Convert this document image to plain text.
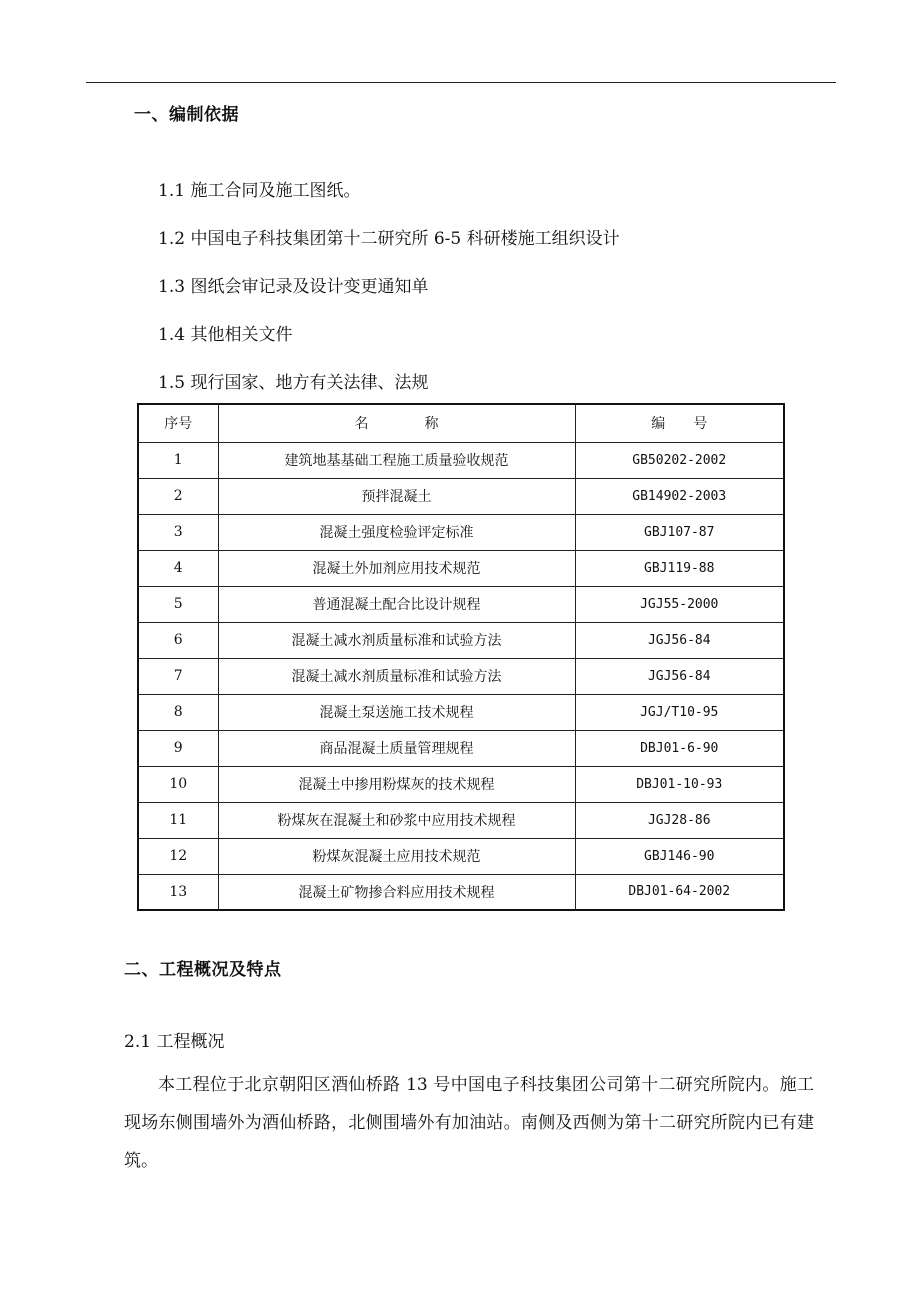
一、编制依据
1.1 施工合同及施工图纸。
1.2 中国电子科技集团第十二研究所 6-5 科研楼施工组织设计
1.3 图纸会审记录及设计变更通知单
1.4 其他相关文件
1.5 现行国家、地方有关法律、法规
序号	名　　　　称	编　　号
1	建筑地基基础工程施工质量验收规范	GB50202-2002
2	预拌混凝土	GB14902-2003
3	混凝土强度检验评定标准	GBJ107-87
4	混凝土外加剂应用技术规范	GBJ119-88
5	普通混凝土配合比设计规程	JGJ55-2000
6	混凝土减水剂质量标准和试验方法	JGJ56-84
7	混凝土减水剂质量标准和试验方法	JGJ56-84
8	混凝土泵送施工技术规程	JGJ/T10-95
9	商品混凝土质量管理规程	DBJ01-6-90
10	混凝土中掺用粉煤灰的技术规程	DBJ01-10-93
11	粉煤灰在混凝土和砂浆中应用技术规程	JGJ28-86
12	粉煤灰混凝土应用技术规范	GBJ146-90
13	混凝土矿物掺合料应用技术规程	DBJ01-64-2002
二、工程概况及特点
2.1 工程概况
本工程位于北京朝阳区酒仙桥路 13 号中国电子科技集团公司第十二研究所院内。施工现场东侧围墙外为酒仙桥路，北侧围墙外有加油站。南侧及西侧为第十二研究所院内已有建筑。
